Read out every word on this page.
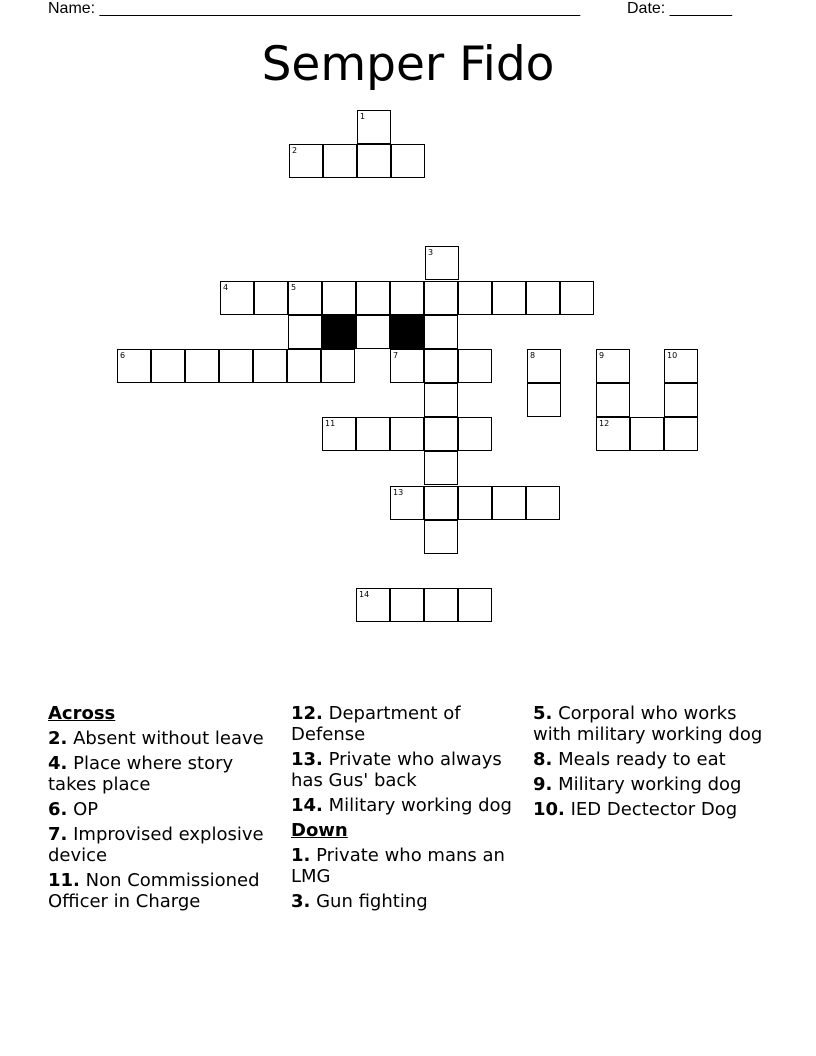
Name: ______________________________________________________	Date: _______
Semper Fido
1
2
3
4	5
6	7	8	9	10
11	12
13
14
Across
2. Absent without leave
4. Place where story takes place
6. OP
7. Improvised explosive device
11. Non Commissioned Officer in Charge
12. Department of Defense
13. Private who always has Gus' back
14. Military working dog
Down
1. Private who mans an LMG
3. Gun fighting
5. Corporal who works with military working dog
8. Meals ready to eat
9. Military working dog
10. IED Dectector Dog
